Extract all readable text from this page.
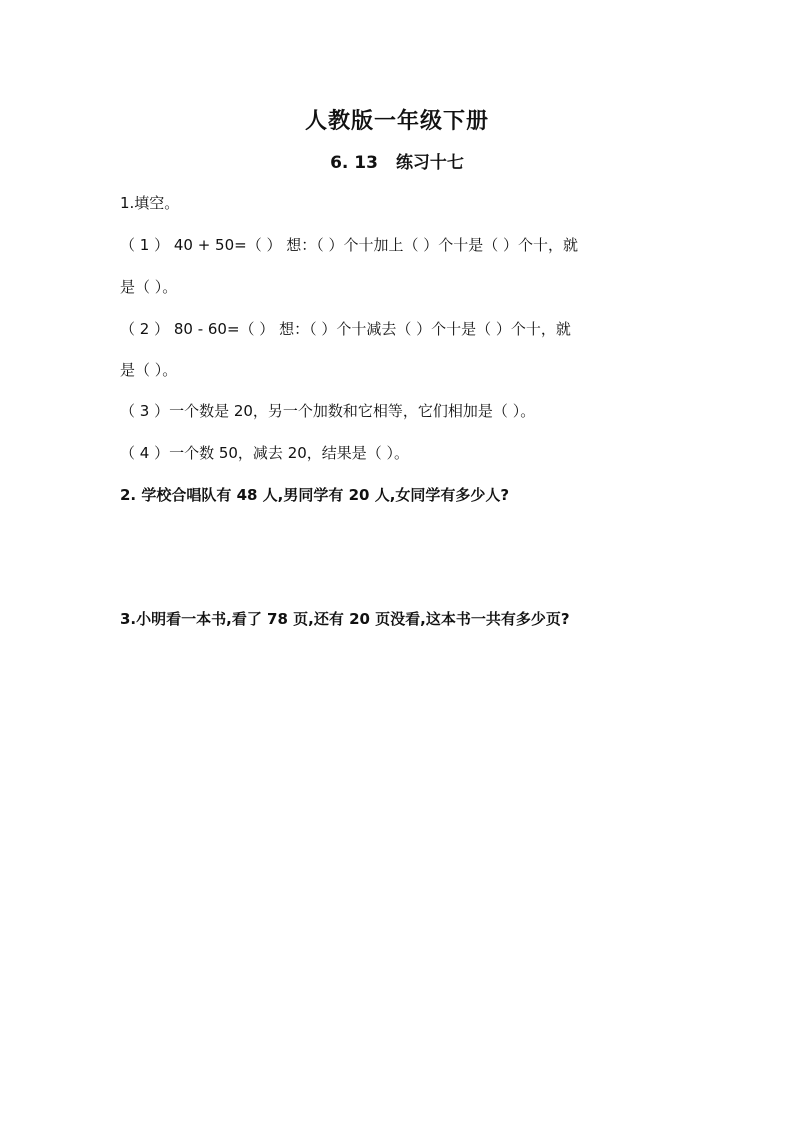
人教版一年级下册
6. 13 练习十七
1.填空。
（ 1 ） 40 + 50=（ ） 想：（ ）个十加上（ ）个十是（ ）个十，就
是（ ）。
（ 2 ） 80 - 60=（ ） 想：（ ）个十减去（ ）个十是（ ）个十，就
是（ ）。
（ 3 ）一个数是 20，另一个加数和它相等，它们相加是（ ）。
（ 4 ）一个数 50，减去 20，结果是（ ）。
2. 学校合唱队有 48 人,男同学有 20 人,女同学有多少人?
3.小明看一本书,看了 78 页,还有 20 页没看,这本书一共有多少页?
